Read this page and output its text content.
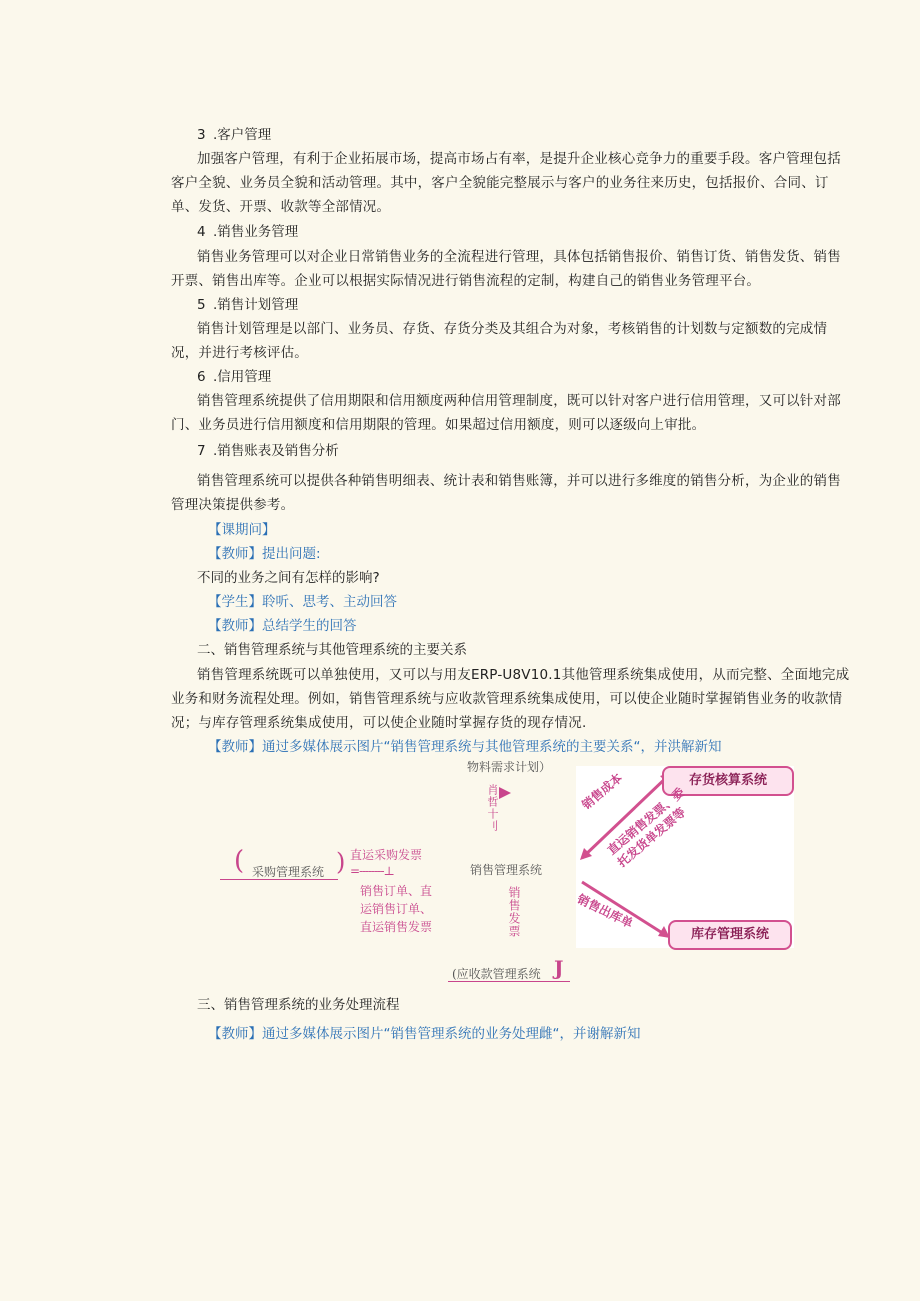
3 .客户管理
加强客户管理，有利于企业拓展市场，提高市场占有率，是提升企业核心竞争力的重要手段。客户管理包括客户全貌、业务员全貌和活动管理。其中，客户全貌能完整展示与客户的业务往来历史，包括报价、合同、订单、发货、开票、收款等全部情况。
4 .销售业务管理
销售业务管理可以对企业日常销售业务的全流程进行管理，具体包括销售报价、销售订货、销售发货、销售开票、销售出库等。企业可以根据实际情况进行销售流程的定制，构建自己的销售业务管理平台。
5 .销售计划管理
销售计划管理是以部门、业务员、存货、存货分类及其组合为对象，考核销售的计划数与定额数的完成情况，并进行考核评估。
6 .信用管理
销售管理系统提供了信用期限和信用额度两种信用管理制度，既可以针对客户进行信用管理，又可以针对部门、业务员进行信用额度和信用期限的管理。如果超过信用额度，则可以逐级向上审批。
7 .销售账表及销售分析
销售管理系统可以提供各种销售明细表、统计表和销售账簿，并可以进行多维度的销售分析，为企业的销售管理决策提供参考。
【课期问】
【教师】提出问题:
不同的业务之间有怎样的影响?
【学生】聆听、思考、主动回答
【教师】总结学生的回答
二、销售管理系统与其他管理系统的主要关系
销售管理系统既可以单独使用，又可以与用友ERP-U8V10.1其他管理系统集成使用，从而完整、全面地完成业务和财务流程处理。例如，销售管理系统与应收款管理系统集成使用，可以使企业随时掌握销售业务的收款情况；与库存管理系统集成使用，可以使企业随时掌握存货的现存情况.
【教师】通过多媒体展示图片“销售管理系统与其他管理系统的主要关系“，并洪解新知
物料需求计划）
肖哲十刂
( 采购管理系统 ) 直运采购发票
=--------⊥
销售订单、直
运销售订单、
直运销售发票
销售管理系统
销售发票
(应收款管理系统 J
存货核算系统
库存管理系统
销售成本
直运销售发票、委托发货单发票等
销售出库单
三、销售管理系统的业务处理流程
【教师】通过多媒体展示图片“销售管理系统的业务处理雌“，并谢解新知
